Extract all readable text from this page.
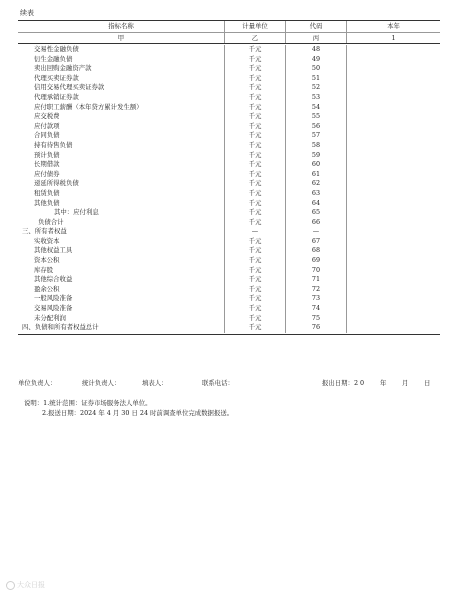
续表
指标名称	计量单位	代码	本年
甲	乙	丙	1
交易性金融负债	千元	48
衍生金融负债	千元	49
卖出回购金融资产款	千元	50
代理买卖证券款	千元	51
信用交易代理买卖证券款	千元	52
代理承销证券款	千元	53
应付职工薪酬（本年贷方累计发生额）	千元	54
应交税费	千元	55
应付款项	千元	56
合同负债	千元	57
持有待售负债	千元	58
预计负债	千元	59
长期借款	千元	60
应付债券	千元	61
递延所得税负债	千元	62
租赁负债	千元	63
其他负债	千元	64
其中：应付利息	千元	65
负债合计	千元	66
三、所有者权益	—	—
实收资本	千元	67
其他权益工具	千元	68
资本公积	千元	69
库存股	千元	70
其他综合收益	千元	71
盈余公积	千元	72
一般风险准备	千元	73
交易风险准备	千元	74
未分配利润	千元	75
四、负债和所有者权益总计	千元	76
单位负责人：	统计负责人：	填表人：	联系电话：	报出日期：2 0	年	月	日
说明：1.统计范围：证券市场服务法人单位。
2.报送日期：2024 年 4 月 30 日 24 时前调查单位完成数据报送。
大众日报
